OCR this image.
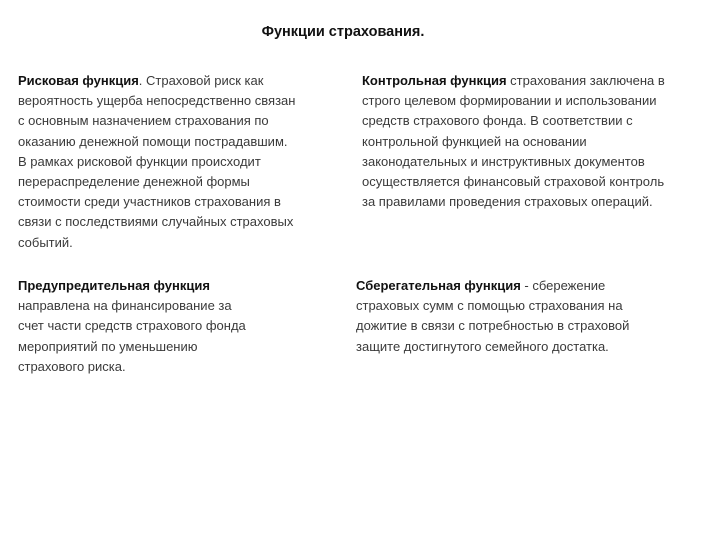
Функции страхования.
Рисковая функция. Страховой риск как
вероятность ущерба непосредственно связан
с основным назначением страхования по
оказанию денежной помощи пострадавшим.
В рамках рисковой функции происходит
перераспределение денежной формы
стоимости среди участников страхования в
связи с последствиями случайных страховых
событий.
Контрольная функция страхования заключена в
строго целевом формировании и использовании
средств страхового фонда. В соответствии с
контрольной функцией на основании
законодательных и инструктивных документов
осуществляется финансовый страховой контроль
за правилами проведения страховых операций.
Предупредительная функция
направлена на финансирование за
счет части средств страхового фонда
мероприятий по уменьшению
страхового риска.
Сберегательная функция - сбережение
страховых сумм с помощью страхования на
дожитие в связи с потребностью в страховой
защите достигнутого семейного достатка.
